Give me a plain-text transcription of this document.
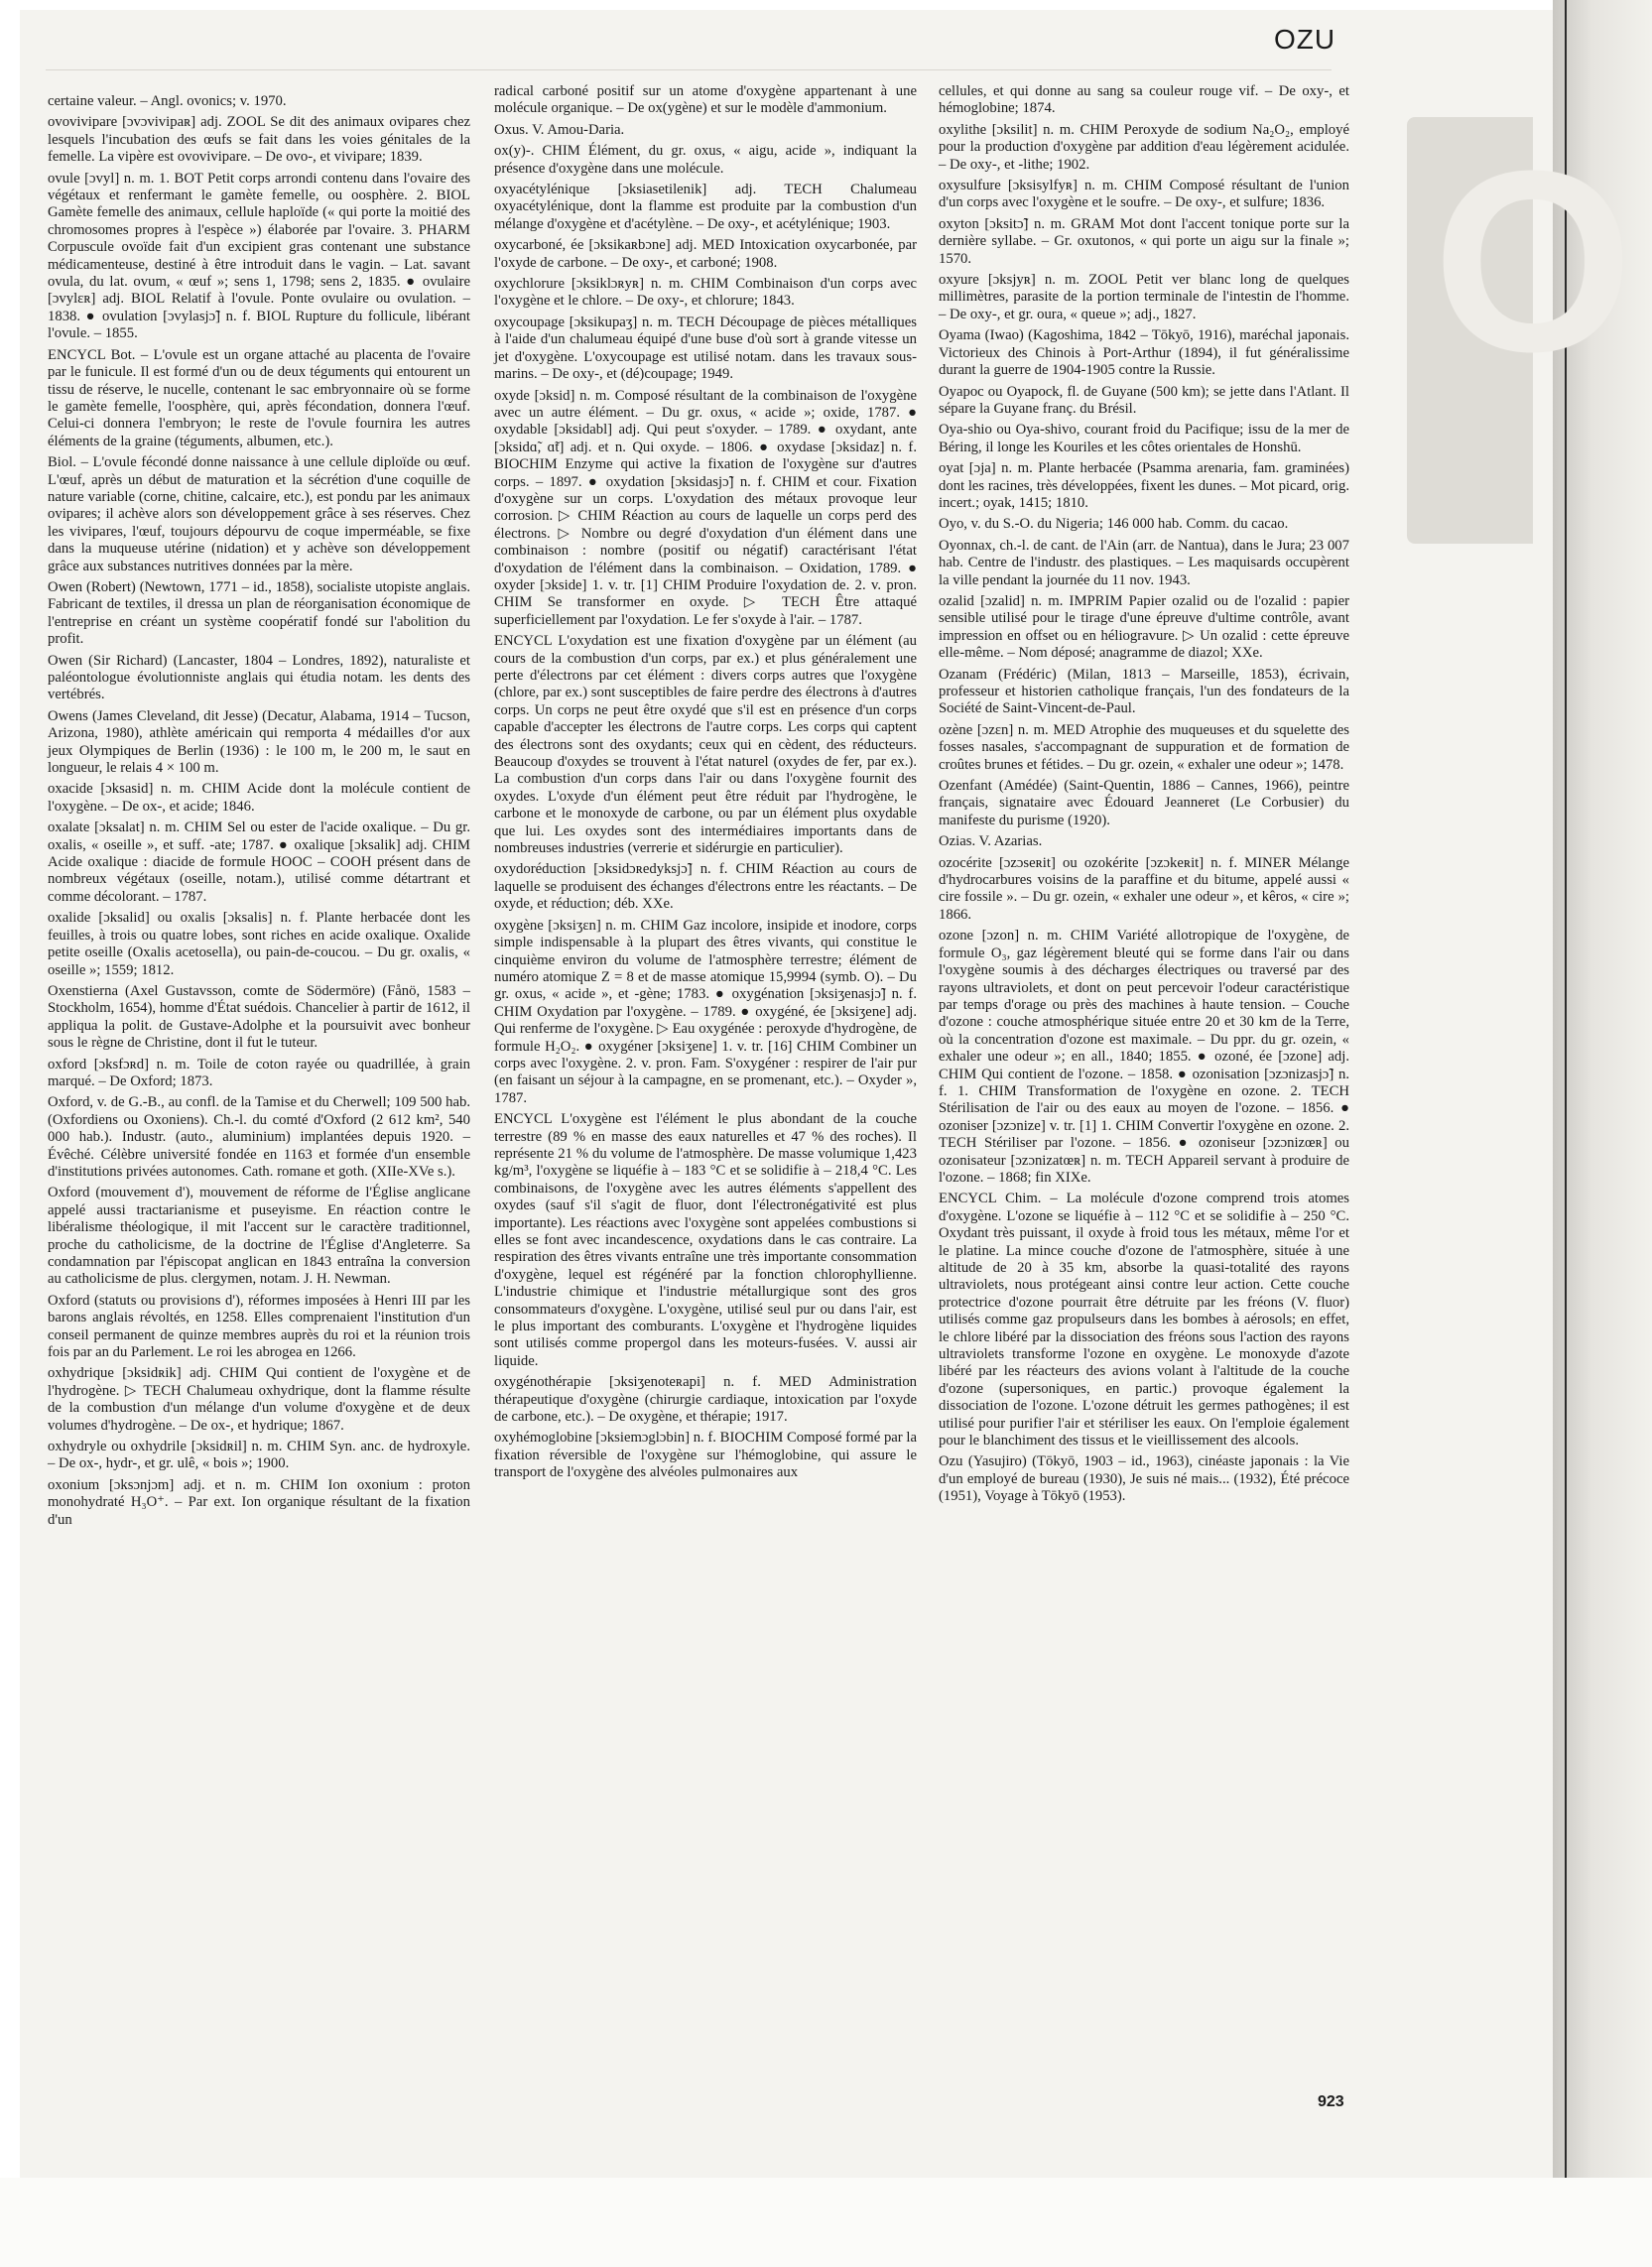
O
OZU
certaine valeur. – Angl. ovonics; v. 1970.
ovovivipare [ɔvɔvivipaʀ] adj. ZOOL Se dit des animaux ovipares chez lesquels l'incubation des œufs se fait dans les voies génitales de la femelle. La vipère est ovovivipare. – De ovo-, et vivipare; 1839.
ovule [ɔvyl] n. m. 1. BOT Petit corps arrondi contenu dans l'ovaire des végétaux et renfermant le gamète femelle, ou oosphère. 2. BIOL Gamète femelle des animaux, cellule haploïde (« qui porte la moitié des chromosomes propres à l'espèce ») élaborée par l'ovaire. 3. PHARM Corpuscule ovoïde fait d'un excipient gras contenant une substance médicamenteuse, destiné à être introduit dans le vagin. – Lat. savant ovula, du lat. ovum, « œuf »; sens 1, 1798; sens 2, 1835. ● ovulaire [ɔvylɛʀ] adj. BIOL Relatif à l'ovule. Ponte ovulaire ou ovulation. – 1838. ● ovulation [ɔvylasjɔ̃] n. f. BIOL Rupture du follicule, libérant l'ovule. – 1855.
ENCYCL Bot. – L'ovule est un organe attaché au placenta de l'ovaire par le funicule. Il est formé d'un ou de deux téguments qui entourent un tissu de réserve, le nucelle, contenant le sac embryonnaire où se forme le gamète femelle, l'oosphère, qui, après fécondation, donnera l'œuf. Celui-ci donnera l'embryon; le reste de l'ovule fournira les autres éléments de la graine (téguments, albumen, etc.).
Biol. – L'ovule fécondé donne naissance à une cellule diploïde ou œuf. L'œuf, après un début de maturation et la sécrétion d'une coquille de nature variable (corne, chitine, calcaire, etc.), est pondu par les animaux ovipares; il achève alors son développement grâce à ses réserves. Chez les vivipares, l'œuf, toujours dépourvu de coque imperméable, se fixe dans la muqueuse utérine (nidation) et y achève son développement grâce aux substances nutritives données par la mère.
Owen (Robert) (Newtown, 1771 – id., 1858), socialiste utopiste anglais. Fabricant de textiles, il dressa un plan de réorganisation économique de l'entreprise en créant un système coopératif fondé sur l'abolition du profit.
Owen (Sir Richard) (Lancaster, 1804 – Londres, 1892), naturaliste et paléontologue évolutionniste anglais qui étudia notam. les dents des vertébrés.
Owens (James Cleveland, dit Jesse) (Decatur, Alabama, 1914 – Tucson, Arizona, 1980), athlète américain qui remporta 4 médailles d'or aux jeux Olympiques de Berlin (1936) : le 100 m, le 200 m, le saut en longueur, le relais 4 × 100 m.
oxacide [ɔksasid] n. m. CHIM Acide dont la molécule contient de l'oxygène. – De ox-, et acide; 1846.
oxalate [ɔksalat] n. m. CHIM Sel ou ester de l'acide oxalique. – Du gr. oxalis, « oseille », et suff. -ate; 1787. ● oxalique [ɔksalik] adj. CHIM Acide oxalique : diacide de formule HOOC – COOH présent dans de nombreux végétaux (oseille, notam.), utilisé comme détartrant et comme décolorant. – 1787.
oxalide [ɔksalid] ou oxalis [ɔksalis] n. f. Plante herbacée dont les feuilles, à trois ou quatre lobes, sont riches en acide oxalique. Oxalide petite oseille (Oxalis acetosella), ou pain-de-coucou. – Du gr. oxalis, « oseille »; 1559; 1812.
Oxenstierna (Axel Gustavsson, comte de Södermöre) (Fånö, 1583 – Stockholm, 1654), homme d'État suédois. Chancelier à partir de 1612, il appliqua la polit. de Gustave-Adolphe et la poursuivit avec bonheur sous le règne de Christine, dont il fut le tuteur.
oxford [ɔksfɔʀd] n. m. Toile de coton rayée ou quadrillée, à grain marqué. – De Oxford; 1873.
Oxford, v. de G.-B., au confl. de la Tamise et du Cherwell; 109 500 hab. (Oxfordiens ou Oxoniens). Ch.-l. du comté d'Oxford (2 612 km², 540 000 hab.). Industr. (auto., aluminium) implantées depuis 1920. – Évêché. Célèbre université fondée en 1163 et formée d'un ensemble d'institutions privées autonomes. Cath. romane et goth. (XIIe-XVe s.).
Oxford (mouvement d'), mouvement de réforme de l'Église anglicane appelé aussi tractarianisme et puseyisme. En réaction contre le libéralisme théologique, il mit l'accent sur le caractère traditionnel, proche du catholicisme, de la doctrine de l'Église d'Angleterre. Sa condamnation par l'épiscopat anglican en 1843 entraîna la conversion au catholicisme de plus. clergymen, notam. J. H. Newman.
Oxford (statuts ou provisions d'), réformes imposées à Henri III par les barons anglais révoltés, en 1258. Elles comprenaient l'institution d'un conseil permanent de quinze membres auprès du roi et la réunion trois fois par an du Parlement. Le roi les abrogea en 1266.
oxhydrique [ɔksidʀik] adj. CHIM Qui contient de l'oxygène et de l'hydrogène. ▷ TECH Chalumeau oxhydrique, dont la flamme résulte de la combustion d'un mélange d'un volume d'oxygène et de deux volumes d'hydrogène. – De ox-, et hydrique; 1867.
oxhydryle ou oxhydrile [ɔksidʀil] n. m. CHIM Syn. anc. de hydroxyle. – De ox-, hydr-, et gr. ulê, « bois »; 1900.
oxonium [ɔksɔnjɔm] adj. et n. m. CHIM Ion oxonium : proton monohydraté H₃O⁺. – Par ext. Ion organique résultant de la fixation d'un
radical carboné positif sur un atome d'oxygène appartenant à une molécule organique. – De ox(ygène) et sur le modèle d'ammonium.
Oxus. V. Amou-Daria.
ox(y)-. CHIM Élément, du gr. oxus, « aigu, acide », indiquant la présence d'oxygène dans une molécule.
oxyacétylénique [ɔksiasetilenik] adj. TECH Chalumeau oxyacétylénique, dont la flamme est produite par la combustion d'un mélange d'oxygène et d'acétylène. – De oxy-, et acétylénique; 1903.
oxycarboné, ée [ɔksikaʀbɔne] adj. MED Intoxication oxycarbonée, par l'oxyde de carbone. – De oxy-, et carboné; 1908.
oxychlorure [ɔksiklɔʀyʀ] n. m. CHIM Combinaison d'un corps avec l'oxygène et le chlore. – De oxy-, et chlorure; 1843.
oxycoupage [ɔksikupaʒ] n. m. TECH Découpage de pièces métalliques à l'aide d'un chalumeau équipé d'une buse d'où sort à grande vitesse un jet d'oxygène. L'oxycoupage est utilisé notam. dans les travaux sous-marins. – De oxy-, et (dé)coupage; 1949.
oxyde [ɔksid] n. m. Composé résultant de la combinaison de l'oxygène avec un autre élément. – Du gr. oxus, « acide »; oxide, 1787. ● oxydable [ɔksidabl] adj. Qui peut s'oxyder. – 1789. ● oxydant, ante [ɔksidɑ̃, ɑ̃t] adj. et n. Qui oxyde. – 1806. ● oxydase [ɔksidaz] n. f. BIOCHIM Enzyme qui active la fixation de l'oxygène sur d'autres corps. – 1897. ● oxydation [ɔksidasjɔ̃] n. f. CHIM et cour. Fixation d'oxygène sur un corps. L'oxydation des métaux provoque leur corrosion. ▷ CHIM Réaction au cours de laquelle un corps perd des électrons. ▷ Nombre ou degré d'oxydation d'un élément dans une combinaison : nombre (positif ou négatif) caractérisant l'état d'oxydation de l'élément dans la combinaison. – Oxidation, 1789. ● oxyder [ɔkside] 1. v. tr. [1] CHIM Produire l'oxydation de. 2. v. pron. CHIM Se transformer en oxyde. ▷ TECH Être attaqué superficiellement par l'oxydation. Le fer s'oxyde à l'air. – 1787.
ENCYCL L'oxydation est une fixation d'oxygène par un élément (au cours de la combustion d'un corps, par ex.) et plus généralement une perte d'électrons par cet élément : divers corps autres que l'oxygène (chlore, par ex.) sont susceptibles de faire perdre des électrons à d'autres corps. Un corps ne peut être oxydé que s'il est en présence d'un corps capable d'accepter les électrons de l'autre corps. Les corps qui captent des électrons sont des oxydants; ceux qui en cèdent, des réducteurs. Beaucoup d'oxydes se trouvent à l'état naturel (oxydes de fer, par ex.). La combustion d'un corps dans l'air ou dans l'oxygène fournit des oxydes. L'oxyde d'un élément peut être réduit par l'hydrogène, le carbone et le monoxyde de carbone, ou par un élément plus oxydable que lui. Les oxydes sont des intermédiaires importants dans de nombreuses industries (verrerie et sidérurgie en particulier).
oxydoréduction [ɔksidɔʀedyksjɔ̃] n. f. CHIM Réaction au cours de laquelle se produisent des échanges d'électrons entre les réactants. – De oxyde, et réduction; déb. XXe.
oxygène [ɔksiʒɛn] n. m. CHIM Gaz incolore, insipide et inodore, corps simple indispensable à la plupart des êtres vivants, qui constitue le cinquième environ du volume de l'atmosphère terrestre; élément de numéro atomique Z = 8 et de masse atomique 15,9994 (symb. O). – Du gr. oxus, « acide », et -gène; 1783. ● oxygénation [ɔksiʒenasjɔ̃] n. f. CHIM Oxydation par l'oxygène. – 1789. ● oxygéné, ée [ɔksiʒene] adj. Qui renferme de l'oxygène. ▷ Eau oxygénée : peroxyde d'hydrogène, de formule H₂O₂. ● oxygéner [ɔksiʒene] 1. v. tr. [16] CHIM Combiner un corps avec l'oxygène. 2. v. pron. Fam. S'oxygéner : respirer de l'air pur (en faisant un séjour à la campagne, en se promenant, etc.). – Oxyder », 1787.
ENCYCL L'oxygène est l'élément le plus abondant de la couche terrestre (89 % en masse des eaux naturelles et 47 % des roches). Il représente 21 % du volume de l'atmosphère. De masse volumique 1,423 kg/m³, l'oxygène se liquéfie à – 183 °C et se solidifie à – 218,4 °C. Les combinaisons, de l'oxygène avec les autres éléments s'appellent des oxydes (sauf s'il s'agit de fluor, dont l'électronégativité est plus importante). Les réactions avec l'oxygène sont appelées combustions si elles se font avec incandescence, oxydations dans le cas contraire. La respiration des êtres vivants entraîne une très importante consommation d'oxygène, lequel est régénéré par la fonction chlorophyllienne. L'industrie chimique et l'industrie métallurgique sont des gros consommateurs d'oxygène. L'oxygène, utilisé seul pur ou dans l'air, est le plus important des comburants. L'oxygène et l'hydrogène liquides sont utilisés comme propergol dans les moteurs-fusées. V. aussi air liquide.
oxygénothérapie [ɔksiʒenoteʀapi] n. f. MED Administration thérapeutique d'oxygène (chirurgie cardiaque, intoxication par l'oxyde de carbone, etc.). – De oxygène, et thérapie; 1917.
oxyhémoglobine [ɔksiemɔglɔbin] n. f. BIOCHIM Composé formé par la fixation réversible de l'oxygène sur l'hémoglobine, qui assure le transport de l'oxygène des alvéoles pulmonaires aux
cellules, et qui donne au sang sa couleur rouge vif. – De oxy-, et hémoglobine; 1874.
oxylithe [ɔksilit] n. m. CHIM Peroxyde de sodium Na₂O₂, employé pour la production d'oxygène par addition d'eau légèrement acidulée. – De oxy-, et -lithe; 1902.
oxysulfure [ɔksisylfyʀ] n. m. CHIM Composé résultant de l'union d'un corps avec l'oxygène et le soufre. – De oxy-, et sulfure; 1836.
oxyton [ɔksitɔ̃] n. m. GRAM Mot dont l'accent tonique porte sur la dernière syllabe. – Gr. oxutonos, « qui porte un aigu sur la finale »; 1570.
oxyure [ɔksjyʀ] n. m. ZOOL Petit ver blanc long de quelques millimètres, parasite de la portion terminale de l'intestin de l'homme. – De oxy-, et gr. oura, « queue »; adj., 1827.
Oyama (Iwao) (Kagoshima, 1842 – Tōkyō, 1916), maréchal japonais. Victorieux des Chinois à Port-Arthur (1894), il fut généralissime durant la guerre de 1904-1905 contre la Russie.
Oyapoc ou Oyapock, fl. de Guyane (500 km); se jette dans l'Atlant. Il sépare la Guyane franç. du Brésil.
Oya-shio ou Oya-shivo, courant froid du Pacifique; issu de la mer de Béring, il longe les Kouriles et les côtes orientales de Honshū.
oyat [ɔja] n. m. Plante herbacée (Psamma arenaria, fam. graminées) dont les racines, très développées, fixent les dunes. – Mot picard, orig. incert.; oyak, 1415; 1810.
Oyo, v. du S.-O. du Nigeria; 146 000 hab. Comm. du cacao.
Oyonnax, ch.-l. de cant. de l'Ain (arr. de Nantua), dans le Jura; 23 007 hab. Centre de l'industr. des plastiques. – Les maquisards occupèrent la ville pendant la journée du 11 nov. 1943.
ozalid [ɔzalid] n. m. IMPRIM Papier ozalid ou de l'ozalid : papier sensible utilisé pour le tirage d'une épreuve d'ultime contrôle, avant impression en offset ou en héliogravure. ▷ Un ozalid : cette épreuve elle-même. – Nom déposé; anagramme de diazol; XXe.
Ozanam (Frédéric) (Milan, 1813 – Marseille, 1853), écrivain, professeur et historien catholique français, l'un des fondateurs de la Société de Saint-Vincent-de-Paul.
ozène [ɔzɛn] n. m. MED Atrophie des muqueuses et du squelette des fosses nasales, s'accompagnant de suppuration et de formation de croûtes brunes et fétides. – Du gr. ozein, « exhaler une odeur »; 1478.
Ozenfant (Amédée) (Saint-Quentin, 1886 – Cannes, 1966), peintre français, signataire avec Édouard Jeanneret (Le Corbusier) du manifeste du purisme (1920).
Ozias. V. Azarias.
ozocérite [ɔzɔseʀit] ou ozokérite [ɔzɔkeʀit] n. f. MINER Mélange d'hydrocarbures voisins de la paraffine et du bitume, appelé aussi « cire fossile ». – Du gr. ozein, « exhaler une odeur », et kêros, « cire »; 1866.
ozone [ɔzon] n. m. CHIM Variété allotropique de l'oxygène, de formule O₃, gaz légèrement bleuté qui se forme dans l'air ou dans l'oxygène soumis à des décharges électriques ou traversé par des rayons ultraviolets, et dont on peut percevoir l'odeur caractéristique par temps d'orage ou près des machines à haute tension. – Couche d'ozone : couche atmosphérique située entre 20 et 30 km de la Terre, où la concentration d'ozone est maximale. – Du ppr. du gr. ozein, « exhaler une odeur »; en all., 1840; 1855. ● ozoné, ée [ɔzone] adj. CHIM Qui contient de l'ozone. – 1858. ● ozonisation [ɔzɔnizasjɔ̃] n. f. 1. CHIM Transformation de l'oxygène en ozone. 2. TECH Stérilisation de l'air ou des eaux au moyen de l'ozone. – 1856. ● ozoniser [ɔzɔnize] v. tr. [1] 1. CHIM Convertir l'oxygène en ozone. 2. TECH Stériliser par l'ozone. – 1856. ● ozoniseur [ɔzɔnizœʀ] ou ozonisateur [ɔzɔnizatœʀ] n. m. TECH Appareil servant à produire de l'ozone. – 1868; fin XIXe.
ENCYCL Chim. – La molécule d'ozone comprend trois atomes d'oxygène. L'ozone se liquéfie à – 112 °C et se solidifie à – 250 °C. Oxydant très puissant, il oxyde à froid tous les métaux, même l'or et le platine. La mince couche d'ozone de l'atmosphère, située à une altitude de 20 à 35 km, absorbe la quasi-totalité des rayons ultraviolets, nous protégeant ainsi contre leur action. Cette couche protectrice d'ozone pourrait être détruite par les fréons (V. fluor) utilisés comme gaz propulseurs dans les bombes à aérosols; en effet, le chlore libéré par la dissociation des fréons sous l'action des rayons ultraviolets transforme l'ozone en oxygène. Le monoxyde d'azote libéré par les réacteurs des avions volant à l'altitude de la couche d'ozone (supersoniques, en partic.) provoque également la dissociation de l'ozone. L'ozone détruit les germes pathogènes; il est utilisé pour purifier l'air et stériliser les eaux. On l'emploie également pour le blanchiment des tissus et le vieillissement des alcools.
Ozu (Yasujiro) (Tōkyō, 1903 – id., 1963), cinéaste japonais : la Vie d'un employé de bureau (1930), Je suis né mais... (1932), Été précoce (1951), Voyage à Tōkyō (1953).
923
